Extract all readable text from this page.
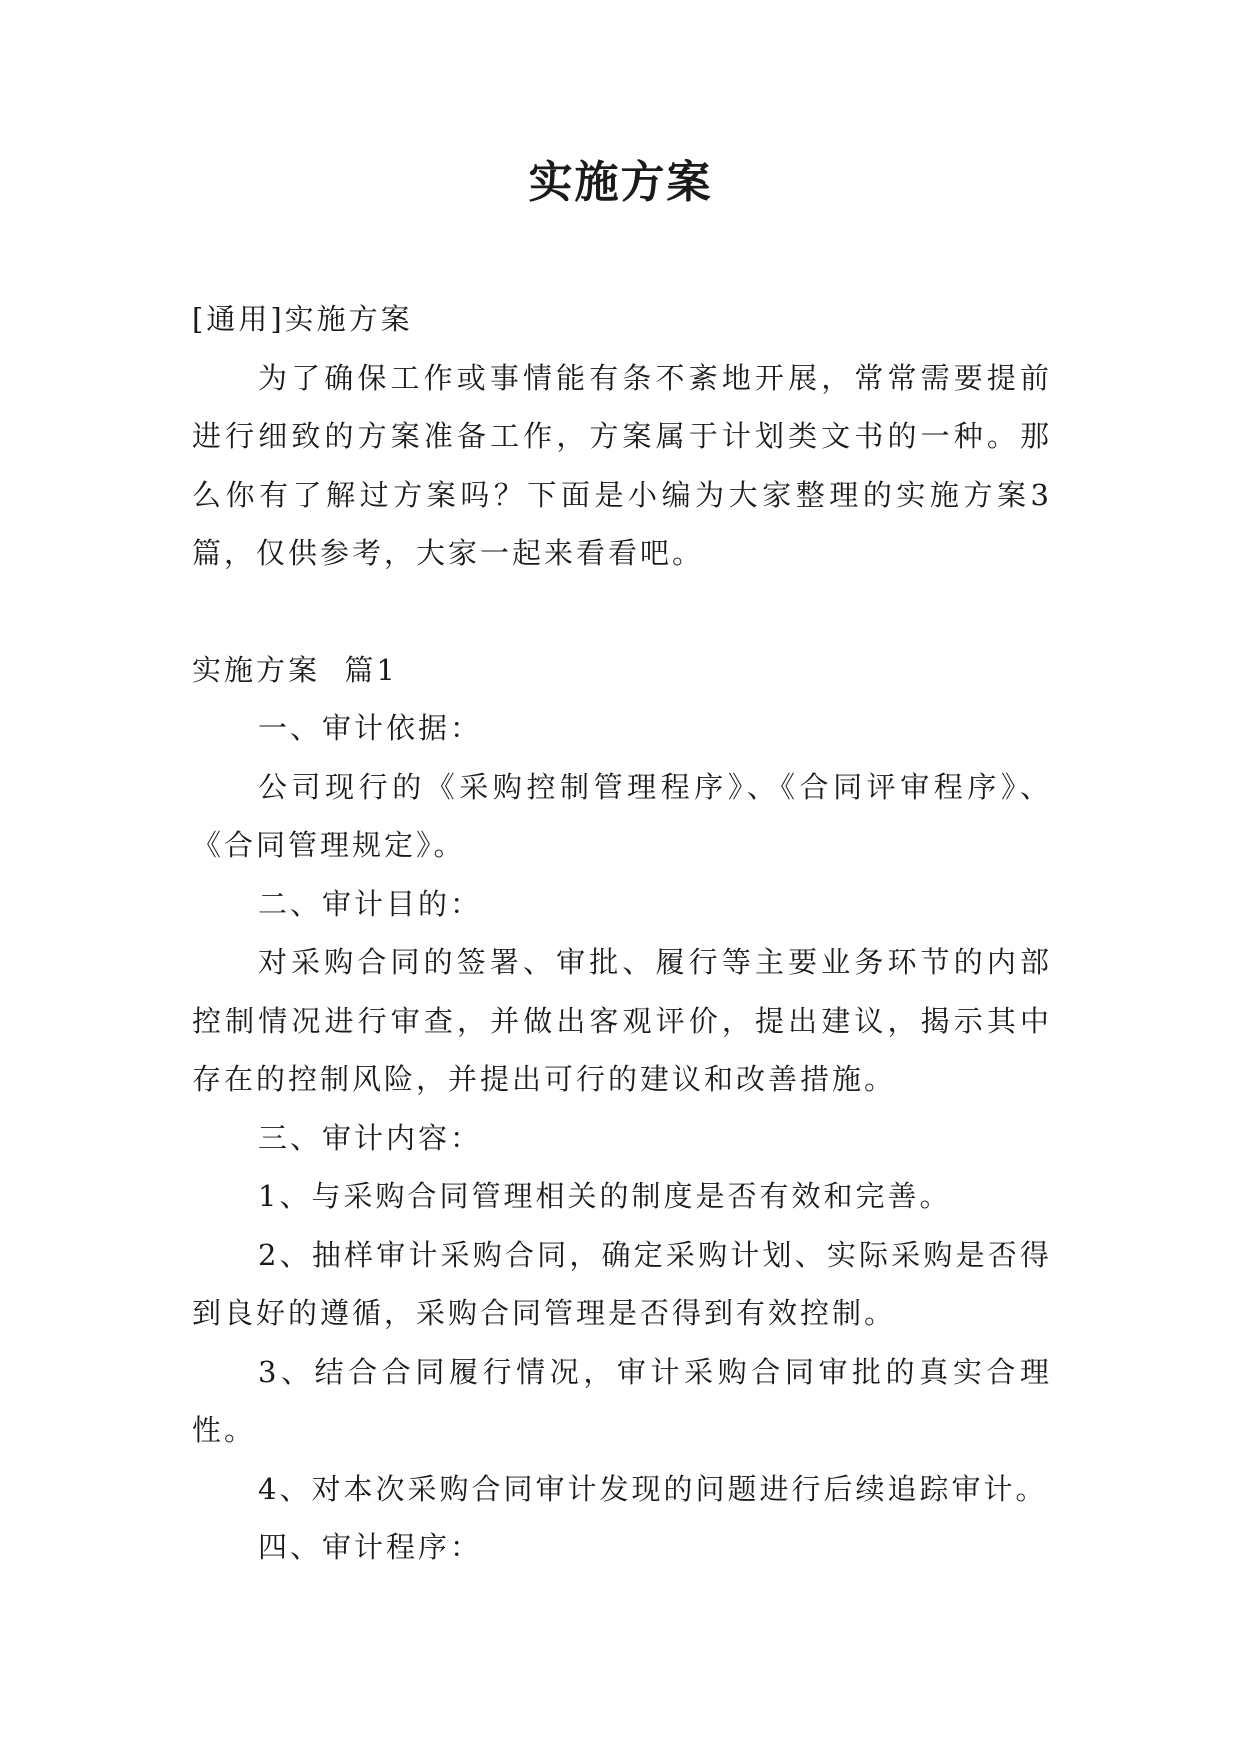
实施方案

[通用]实施方案

为了确保工作或事情能有条不紊地开展，常常需要提前进行细致的方案准备工作，方案属于计划类文书的一种。那么你有了解过方案吗？下面是小编为大家整理的实施方案3篇，仅供参考，大家一起来看看吧。

实施方案  篇1

一、审计依据：

公司现行的《采购控制管理程序》、《合同评审程序》、《合同管理规定》。

二、审计目的：

对采购合同的签署、审批、履行等主要业务环节的内部控制情况进行审查，并做出客观评价，提出建议，揭示其中存在的控制风险，并提出可行的建议和改善措施。

三、审计内容：

1、与采购合同管理相关的制度是否有效和完善。

2、抽样审计采购合同，确定采购计划、实际采购是否得到良好的遵循，采购合同管理是否得到有效控制。

3、结合合同履行情况，审计采购合同审批的真实合理性。

4、对本次采购合同审计发现的问题进行后续追踪审计。

四、审计程序：
